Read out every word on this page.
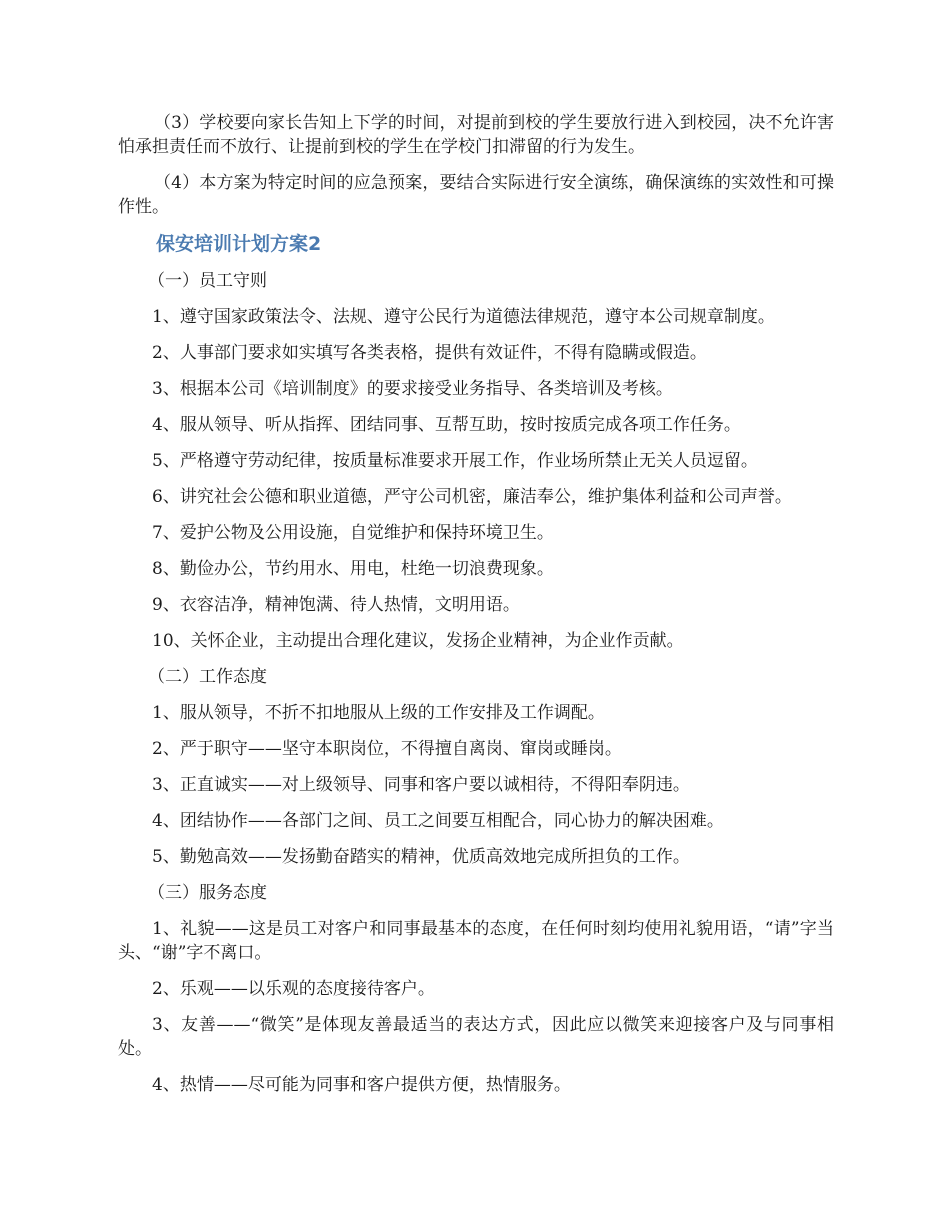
（3）学校要向家长告知上下学的时间，对提前到校的学生要放行进入到校园，决不允许害怕承担责任而不放行、让提前到校的学生在学校门扣滞留的行为发生。

（4）本方案为特定时间的应急预案，要结合实际进行安全演练，确保演练的实效性和可操作性。

保安培训计划方案2

（一）员工守则

1、遵守国家政策法令、法规、遵守公民行为道德法律规范，遵守本公司规章制度。

2、人事部门要求如实填写各类表格，提供有效证件，不得有隐瞒或假造。

3、根据本公司《培训制度》的要求接受业务指导、各类培训及考核。

4、服从领导、听从指挥、团结同事、互帮互助，按时按质完成各项工作任务。

5、严格遵守劳动纪律，按质量标准要求开展工作，作业场所禁止无关人员逗留。

6、讲究社会公德和职业道德，严守公司机密，廉洁奉公，维护集体利益和公司声誉。

7、爱护公物及公用设施，自觉维护和保持环境卫生。

8、勤俭办公，节约用水、用电，杜绝一切浪费现象。

9、衣容洁净，精神饱满、待人热情，文明用语。

10、关怀企业，主动提出合理化建议，发扬企业精神，为企业作贡献。

（二）工作态度

1、服从领导，不折不扣地服从上级的工作安排及工作调配。

2、严于职守——坚守本职岗位，不得擅自离岗、窜岗或睡岗。

3、正直诚实——对上级领导、同事和客户要以诚相待，不得阳奉阴违。

4、团结协作——各部门之间、员工之间要互相配合，同心协力的解决困难。

5、勤勉高效——发扬勤奋踏实的精神，优质高效地完成所担负的工作。

（三）服务态度

1、礼貌——这是员工对客户和同事最基本的态度，在任何时刻均使用礼貌用语，“请”字当头、“谢”字不离口。

2、乐观——以乐观的态度接待客户。

3、友善——“微笑”是体现友善最适当的表达方式，因此应以微笑来迎接客户及与同事相处。

4、热情——尽可能为同事和客户提供方便，热情服务。
